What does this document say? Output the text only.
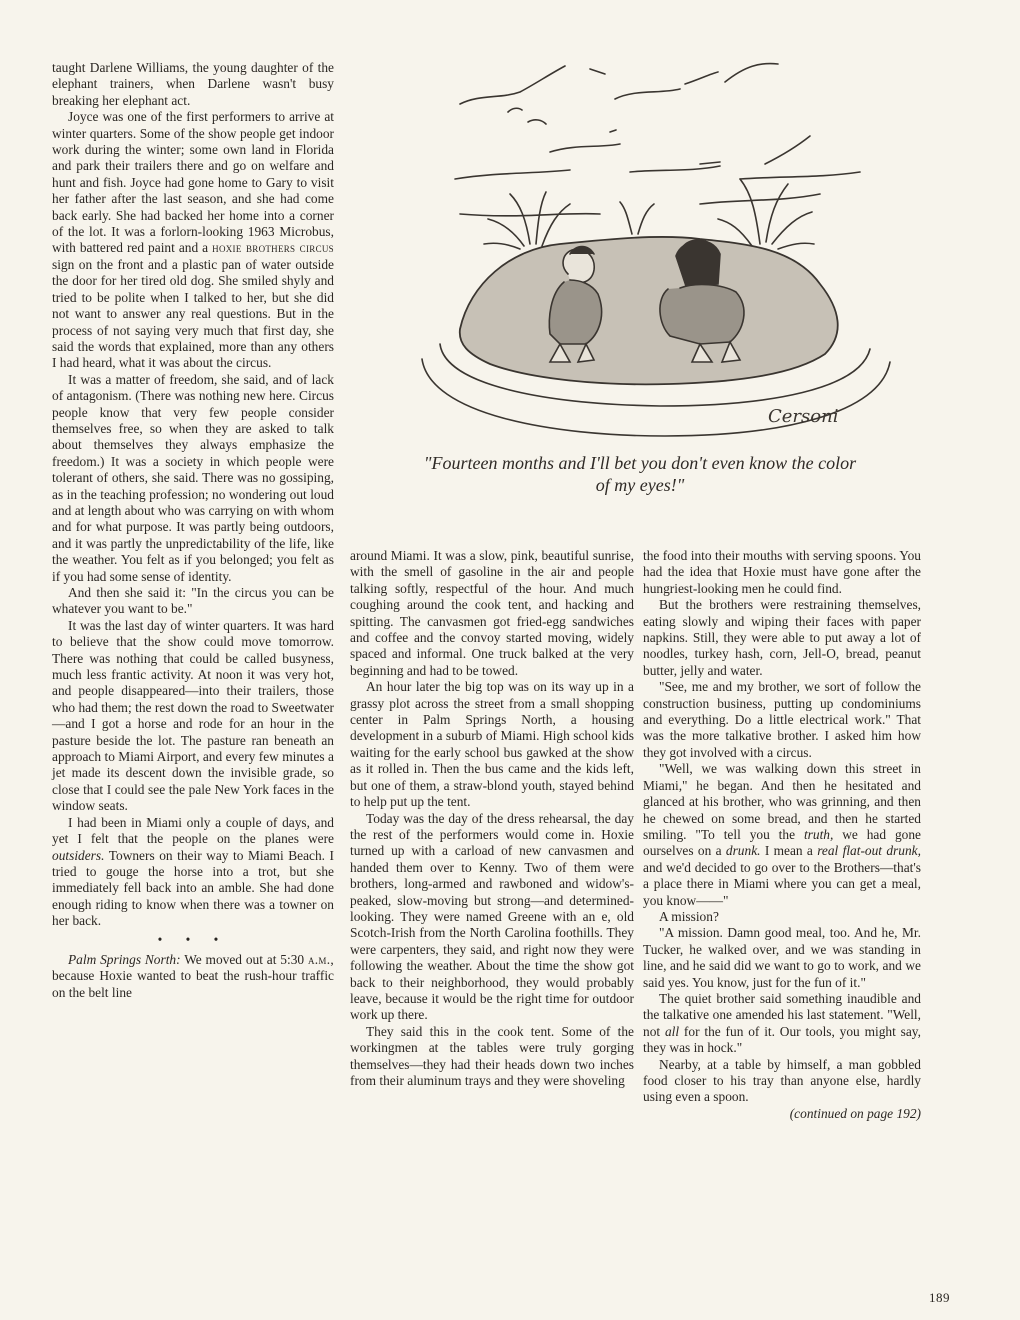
taught Darlene Williams, the young daughter of the elephant trainers, when Darlene wasn't busy breaking her elephant act.

Joyce was one of the first performers to arrive at winter quarters. Some of the show people get indoor work during the winter; some own land in Florida and park their trailers there and go on welfare and hunt and fish. Joyce had gone home to Gary to visit her father after the last season, and she had come back early. She had backed her home into a corner of the lot. It was a forlorn-looking 1963 Microbus, with battered red paint and a hoxie brothers circus sign on the front and a plastic pan of water outside the door for her tired old dog. She smiled shyly and tried to be polite when I talked to her, but she did not want to answer any real questions. But in the process of not saying very much that first day, she said the words that explained, more than any others I had heard, what it was about the circus.

It was a matter of freedom, she said, and of lack of antagonism. (There was nothing new here. Circus people know that very few people consider themselves free, so when they are asked to talk about themselves they always emphasize the freedom.) It was a society in which people were tolerant of others, she said. There was no gossiping, as in the teaching profession; no wondering out loud and at length about who was carrying on with whom and for what purpose. It was partly being outdoors, and it was partly the unpredictability of the life, like the weather. You felt as if you belonged; you felt as if you had some sense of identity.

And then she said it: "In the circus you can be whatever you want to be."

It was the last day of winter quarters. It was hard to believe that the show could move tomorrow. There was nothing that could be called busyness, much less frantic activity. At noon it was very hot, and people disappeared—into their trailers, those who had them; the rest down the road to Sweetwater—and I got a horse and rode for an hour in the pasture beside the lot. The pasture ran beneath an approach to Miami Airport, and every few minutes a jet made its descent down the invisible grade, so close that I could see the pale New York faces in the window seats.

I had been in Miami only a couple of days, and yet I felt that the people on the planes were outsiders. Towners on their way to Miami Beach. I tried to gouge the horse into a trot, but she immediately fell back into an amble. She had done enough riding to know when there was a towner on her back.

• • •

Palm Springs North: We moved out at 5:30 a.m., because Hoxie wanted to beat the rush-hour traffic on the belt line

Cersoni
"Fourteen months and I'll bet you don't even know the color of my eyes!"

around Miami. It was a slow, pink, beautiful sunrise, with the smell of gasoline in the air and people talking softly, respectful of the hour. And much coughing around the cook tent, and hacking and spitting. The canvasmen got fried-egg sandwiches and coffee and the convoy started moving, widely spaced and informal. One truck balked at the very beginning and had to be towed.

An hour later the big top was on its way up in a grassy plot across the street from a small shopping center in Palm Springs North, a housing development in a suburb of Miami. High school kids waiting for the early school bus gawked at the show as it rolled in. Then the bus came and the kids left, but one of them, a straw-blond youth, stayed behind to help put up the tent.

Today was the day of the dress rehearsal, the day the rest of the performers would come in. Hoxie turned up with a carload of new canvasmen and handed them over to Kenny. Two of them were brothers, long-armed and rawboned and widow's-peaked, slow-moving but strong—and determined-looking. They were named Greene with an e, old Scotch-Irish from the North Carolina foothills. They were carpenters, they said, and right now they were following the weather. About the time the show got back to their neighborhood, they would probably leave, because it would be the right time for outdoor work up there.

They said this in the cook tent. Some of the workingmen at the tables were truly gorging themselves—they had their heads down two inches from their aluminum trays and they were shoveling

the food into their mouths with serving spoons. You had the idea that Hoxie must have gone after the hungriest-looking men he could find.

But the brothers were restraining themselves, eating slowly and wiping their faces with paper napkins. Still, they were able to put away a lot of noodles, turkey hash, corn, Jell-O, bread, peanut butter, jelly and water.

"See, me and my brother, we sort of follow the construction business, putting up condominiums and everything. Do a little electrical work." That was the more talkative brother. I asked him how they got involved with a circus.

"Well, we was walking down this street in Miami," he began. And then he hesitated and glanced at his brother, who was grinning, and then he chewed on some bread, and then he started smiling. "To tell you the truth, we had gone ourselves on a drunk. I mean a real flat-out drunk, and we'd decided to go over to the Brothers—that's a place there in Miami where you can get a meal, you know——"

A mission?

"A mission. Damn good meal, too. And he, Mr. Tucker, he walked over, and we was standing in line, and he said did we want to go to work, and we said yes. You know, just for the fun of it."

The quiet brother said something inaudible and the talkative one amended his last statement. "Well, not all for the fun of it. Our tools, you might say, they was in hock."

Nearby, at a table by himself, a man gobbled food closer to his tray than anyone else, hardly using even a spoon.

(continued on page 192)

189
